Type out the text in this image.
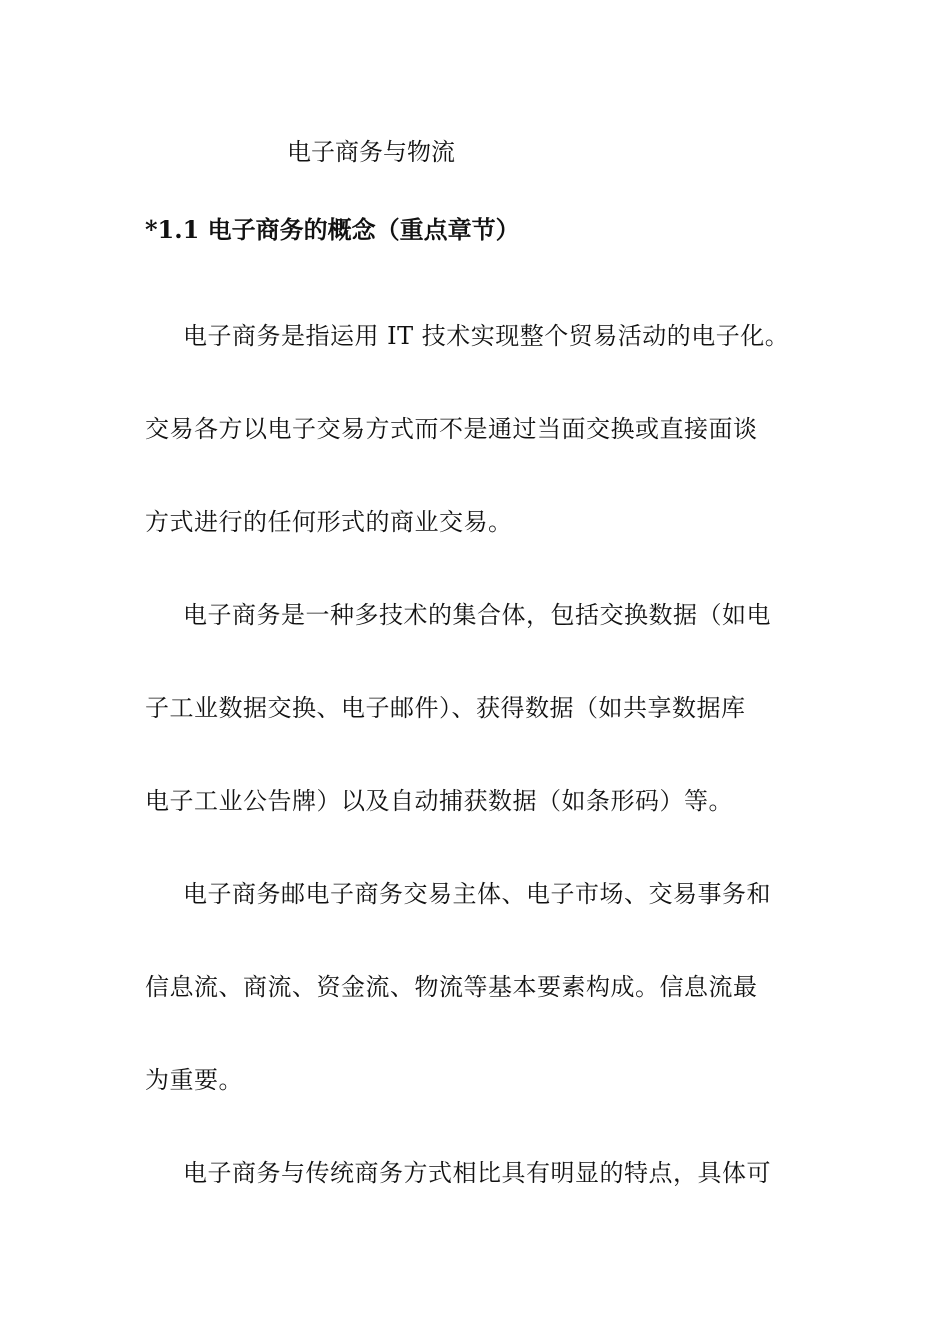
电子商务与物流
*1.1 电子商务的概念（重点章节）
电子商务是指运用 IT 技术实现整个贸易活动的电子化。
交易各方以电子交易方式而不是通过当面交换或直接面谈
方式进行的任何形式的商业交易。
电子商务是一种多技术的集合体，包括交换数据（如电
子工业数据交换、电子邮件）、获得数据（如共享数据库
电子工业公告牌）以及自动捕获数据（如条形码）等。
电子商务邮电子商务交易主体、电子市场、交易事务和
信息流、商流、资金流、物流等基本要素构成。信息流最
为重要。
电子商务与传统商务方式相比具有明显的特点，具体可
